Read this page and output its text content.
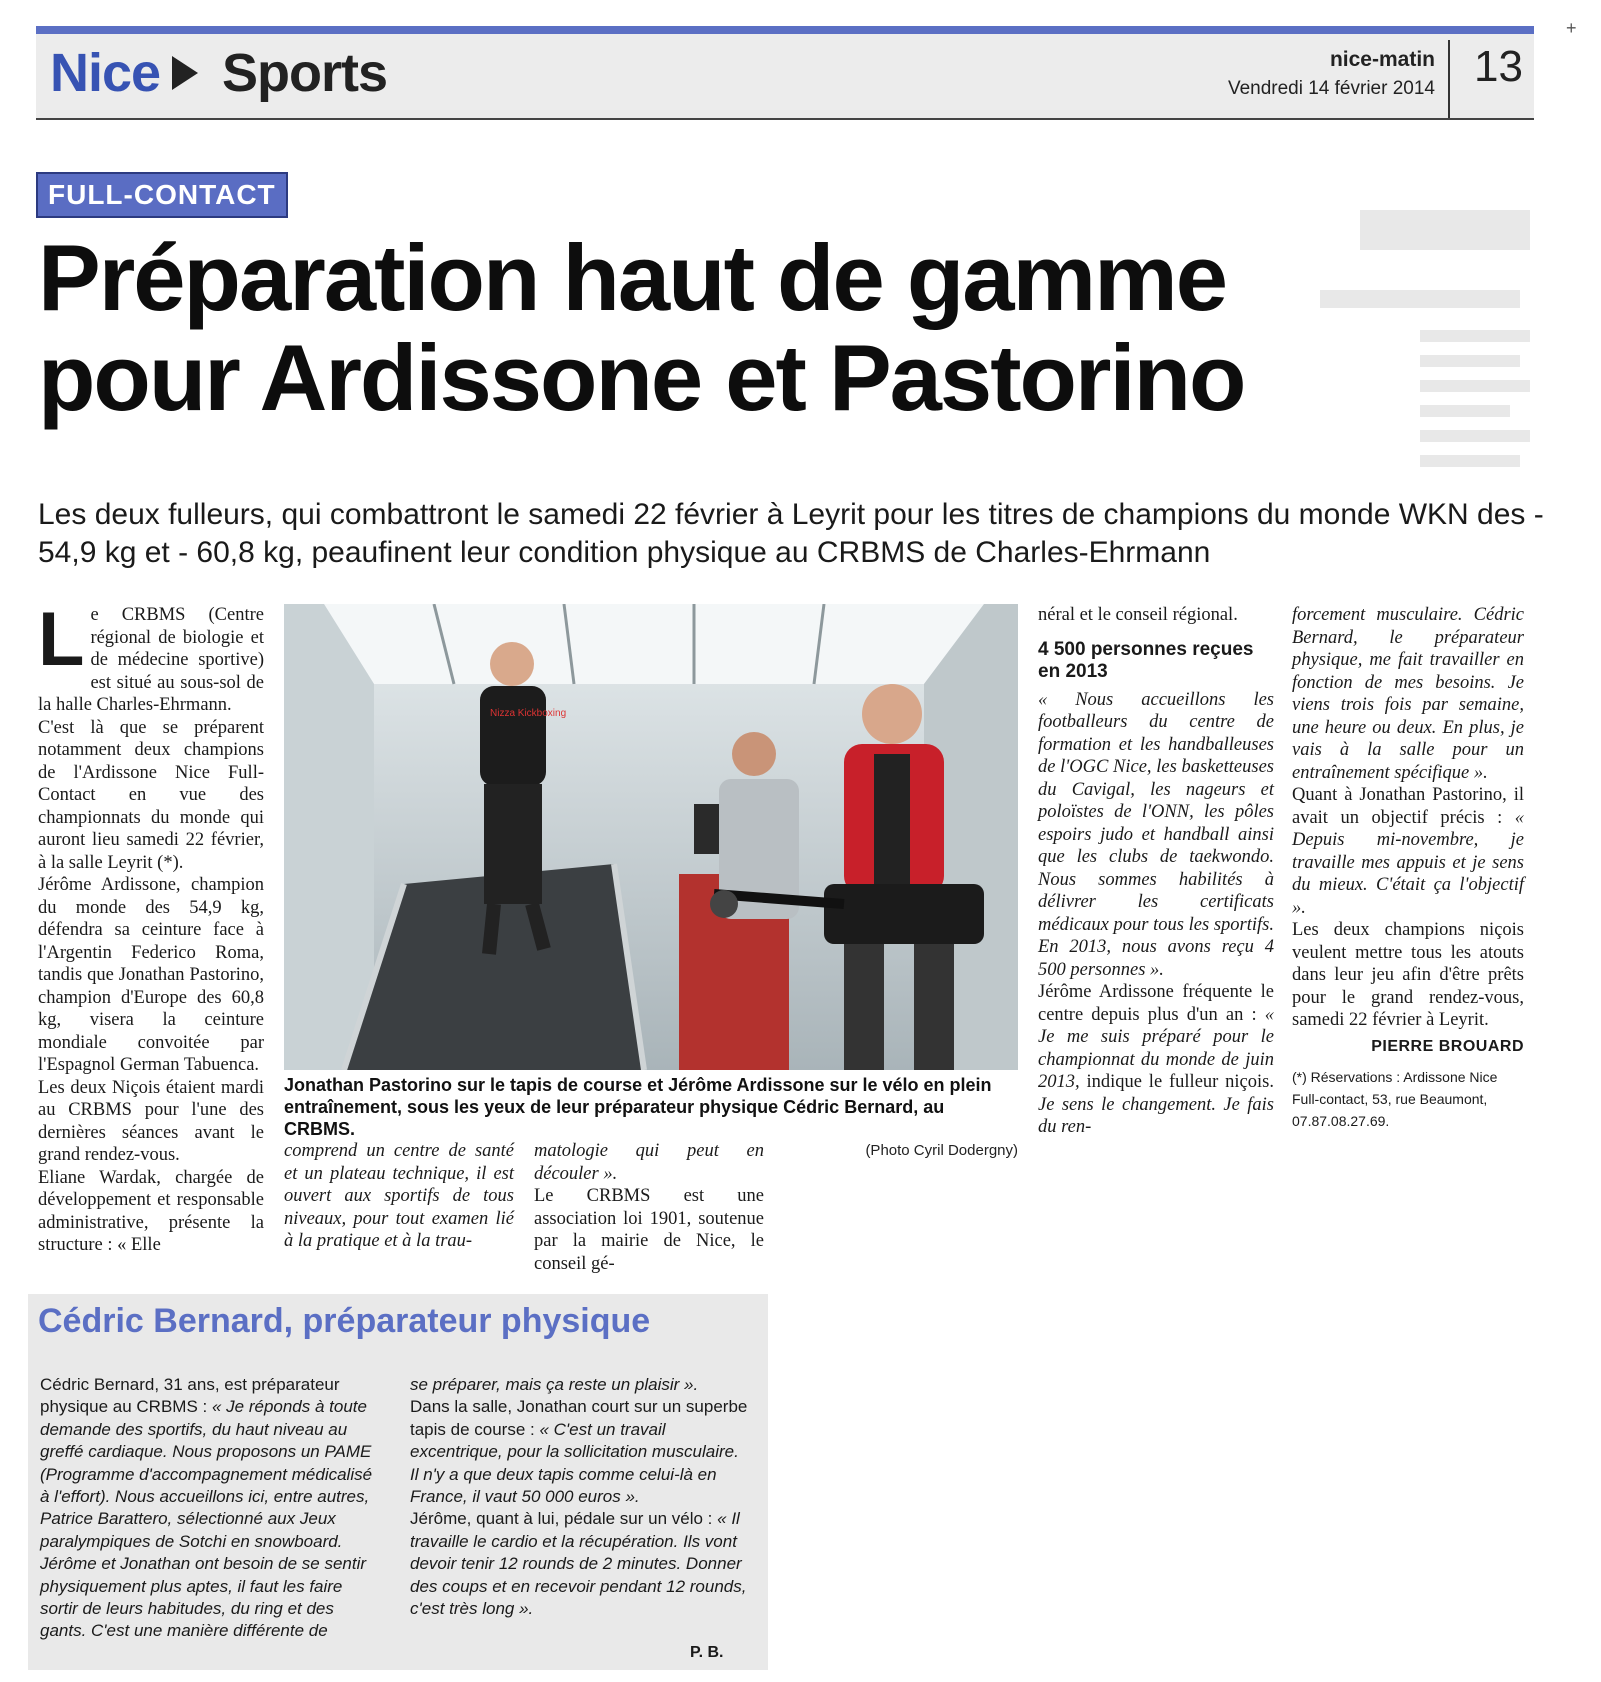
Nice Sports	nice-matin
Vendredi 14 février 2014 13
+
FULL-CONTACT
Préparation haut de gamme
pour Ardissone et Pastorino
Les deux fulleurs, qui combattront le samedi 22 février à Leyrit pour les titres de champions du monde WKN des - 54,9 kg et - 60,8 kg, peaufinent leur condition physique au CRBMS de Charles-Ehrmann
L e CRBMS (Centre régional de biologie et de médecine sportive) est situé au sous-sol de la halle Charles-Ehrmann.

C'est là que se préparent notamment deux champions de l'Ardissone Nice Full-Contact en vue des championnats du monde qui auront lieu samedi 22 février, à la salle Leyrit (*).

Jérôme Ardissone, champion du monde des 54,9 kg, défendra sa ceinture face à l'Argentin Federico Roma, tandis que Jonathan Pastorino, champion d'Europe des 60,8 kg, visera la ceinture mondiale convoitée par l'Espagnol German Tabuenca.

Les deux Niçois étaient mardi au CRBMS pour l'une des dernières séances avant le grand rendez-vous.

Eliane Wardak, chargée de développement et responsable administrative, présente la structure : « Elle

Nizza Kickboxing
Jonathan Pastorino sur le tapis de course et Jérôme Ardissone sur le vélo en plein entraînement, sous les yeux de leur préparateur physique Cédric Bernard, au CRBMS.
(Photo Cyril Dodergny)

comprend un centre de santé et un plateau technique, il est ouvert aux sportifs de tous niveaux, pour tout examen lié à la pratique et à la trau-

matologie qui peut en découler ».

Le CRBMS est une association loi 1901, soutenue par la mairie de Nice, le conseil gé-

néral et le conseil régional.

4 500 personnes reçues en 2013

« Nous accueillons les footballeurs du centre de formation et les handballeuses de l'OGC Nice, les basketteuses du Cavigal, les nageurs et poloïstes de l'ONN, les pôles espoirs judo et handball ainsi que les clubs de taekwondo. Nous sommes habilités à délivrer les certificats médicaux pour tous les sportifs. En 2013, nous avons reçu 4 500 personnes ».

Jérôme Ardissone fréquente le centre depuis plus d'un an : « Je me suis préparé pour le championnat du monde de juin 2013, indique le fulleur niçois. Je sens le changement. Je fais du ren-

forcement musculaire. Cédric Bernard, le préparateur physique, me fait travailler en fonction de mes besoins. Je viens trois fois par semaine, une heure ou deux. En plus, je vais à la salle pour un entraînement spécifique ».

Quant à Jonathan Pastorino, il avait un objectif précis : « Depuis mi-novembre, je travaille mes appuis et je sens du mieux. C'était ça l'objectif ».

Les deux champions niçois veulent mettre tous les atouts dans leur jeu afin d'être prêts pour le grand rendez-vous, samedi 22 février à Leyrit.

PIERRE BROUARD
(*) Réservations : Ardissone Nice Full-contact, 53, rue Beaumont, 07.87.08.27.69.
Cédric Bernard, préparateur physique

Cédric Bernard, 31 ans, est préparateur physique au CRBMS : « Je réponds à toute demande des sportifs, du haut niveau au greffé cardiaque. Nous proposons un PAME (Programme d'accompagnement médicalisé à l'effort). Nous accueillons ici, entre autres, Patrice Barattero, sélectionné aux Jeux paralympiques de Sotchi en snowboard. Jérôme et Jonathan ont besoin de se sentir physiquement plus aptes, il faut les faire sortir de leurs habitudes, du ring et des gants. C'est une manière différente de

se préparer, mais ça reste un plaisir ».

Dans la salle, Jonathan court sur un superbe tapis de course : « C'est un travail excentrique, pour la sollicitation musculaire. Il n'y a que deux tapis comme celui-là en France, il vaut 50 000 euros ».

Jérôme, quant à lui, pédale sur un vélo : « Il travaille le cardio et la récupération. Ils vont devoir tenir 12 rounds de 2 minutes. Donner des coups et en recevoir pendant 12 rounds, c'est très long ».

P. B.
